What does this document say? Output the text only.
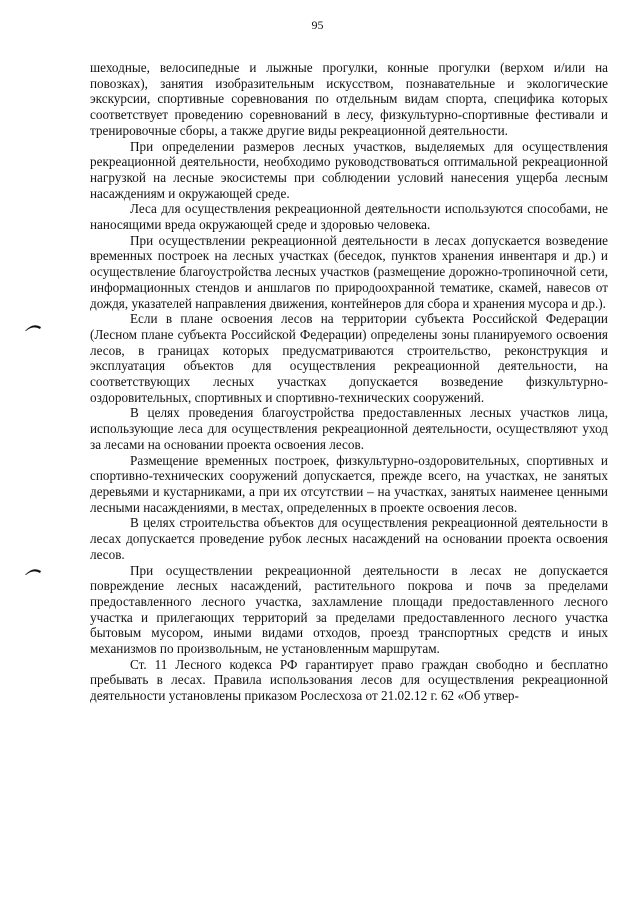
95

шеходные, велосипедные и лыжные прогулки, конные прогулки (верхом и/или на повозках), занятия изобразительным искусством, познавательные и экологические экскурсии, спортивные соревнования по отдельным видам спорта, специфика которых соответствует проведению соревнований в лесу, физкультурно-спортивные фестивали и тренировочные сборы, а также другие виды рекреационной деятельности.

При определении размеров лесных участков, выделяемых для осуществления рекреационной деятельности, необходимо руководствоваться оптимальной рекреационной нагрузкой на лесные экосистемы при соблюдении условий нанесения ущерба лесным насаждениям и окружающей среде.

Леса для осуществления рекреационной деятельности используются способами, не наносящими вреда окружающей среде и здоровью человека.

При осуществлении рекреационной деятельности в лесах допускается возведение временных построек на лесных участках (беседок, пунктов хранения инвентаря и др.) и осуществление благоустройства лесных участков (размещение дорожно-тропиночной сети, информационных стендов и аншлагов по природоохранной тематике, скамей, навесов от дождя, указателей направления движения, контейнеров для сбора и хранения мусора и др.).

Если в плане освоения лесов на территории субъекта Российской Федерации (Лесном плане субъекта Российской Федерации) определены зоны планируемого освоения лесов, в границах которых предусматриваются строительство, реконструкция и эксплуатация объектов для осуществления рекреационной деятельности, на соответствующих лесных участках допускается возведение физкультурно-оздоровительных, спортивных и спортивно-технических сооружений.

В целях проведения благоустройства предоставленных лесных участков лица, использующие леса для осуществления рекреационной деятельности, осуществляют уход за лесами на основании проекта освоения лесов.

Размещение временных построек, физкультурно-оздоровительных, спортивных и спортивно-технических сооружений допускается, прежде всего, на участках, не занятых деревьями и кустарниками, а при их отсутствии – на участках, занятых наименее ценными лесными насаждениями, в местах, определенных в проекте освоения лесов.

В целях строительства объектов для осуществления рекреационной деятельности в лесах допускается проведение рубок лесных насаждений на основании проекта освоения лесов.

При осуществлении рекреационной деятельности в лесах не допускается повреждение лесных насаждений, растительного покрова и почв за пределами предоставленного лесного участка, захламление площади предоставленного лесного участка и прилегающих территорий за пределами предоставленного лесного участка бытовым мусором, иными видами отходов, проезд транспортных средств и иных механизмов по произвольным, не установленным маршрутам.

Ст. 11 Лесного кодекса РФ гарантирует право граждан свободно и бесплатно пребывать в лесах. Правила использования лесов для осуществления рекреационной деятельности установлены приказом Рослесхоза от 21.02.12 г. 62 «Об утвер-
